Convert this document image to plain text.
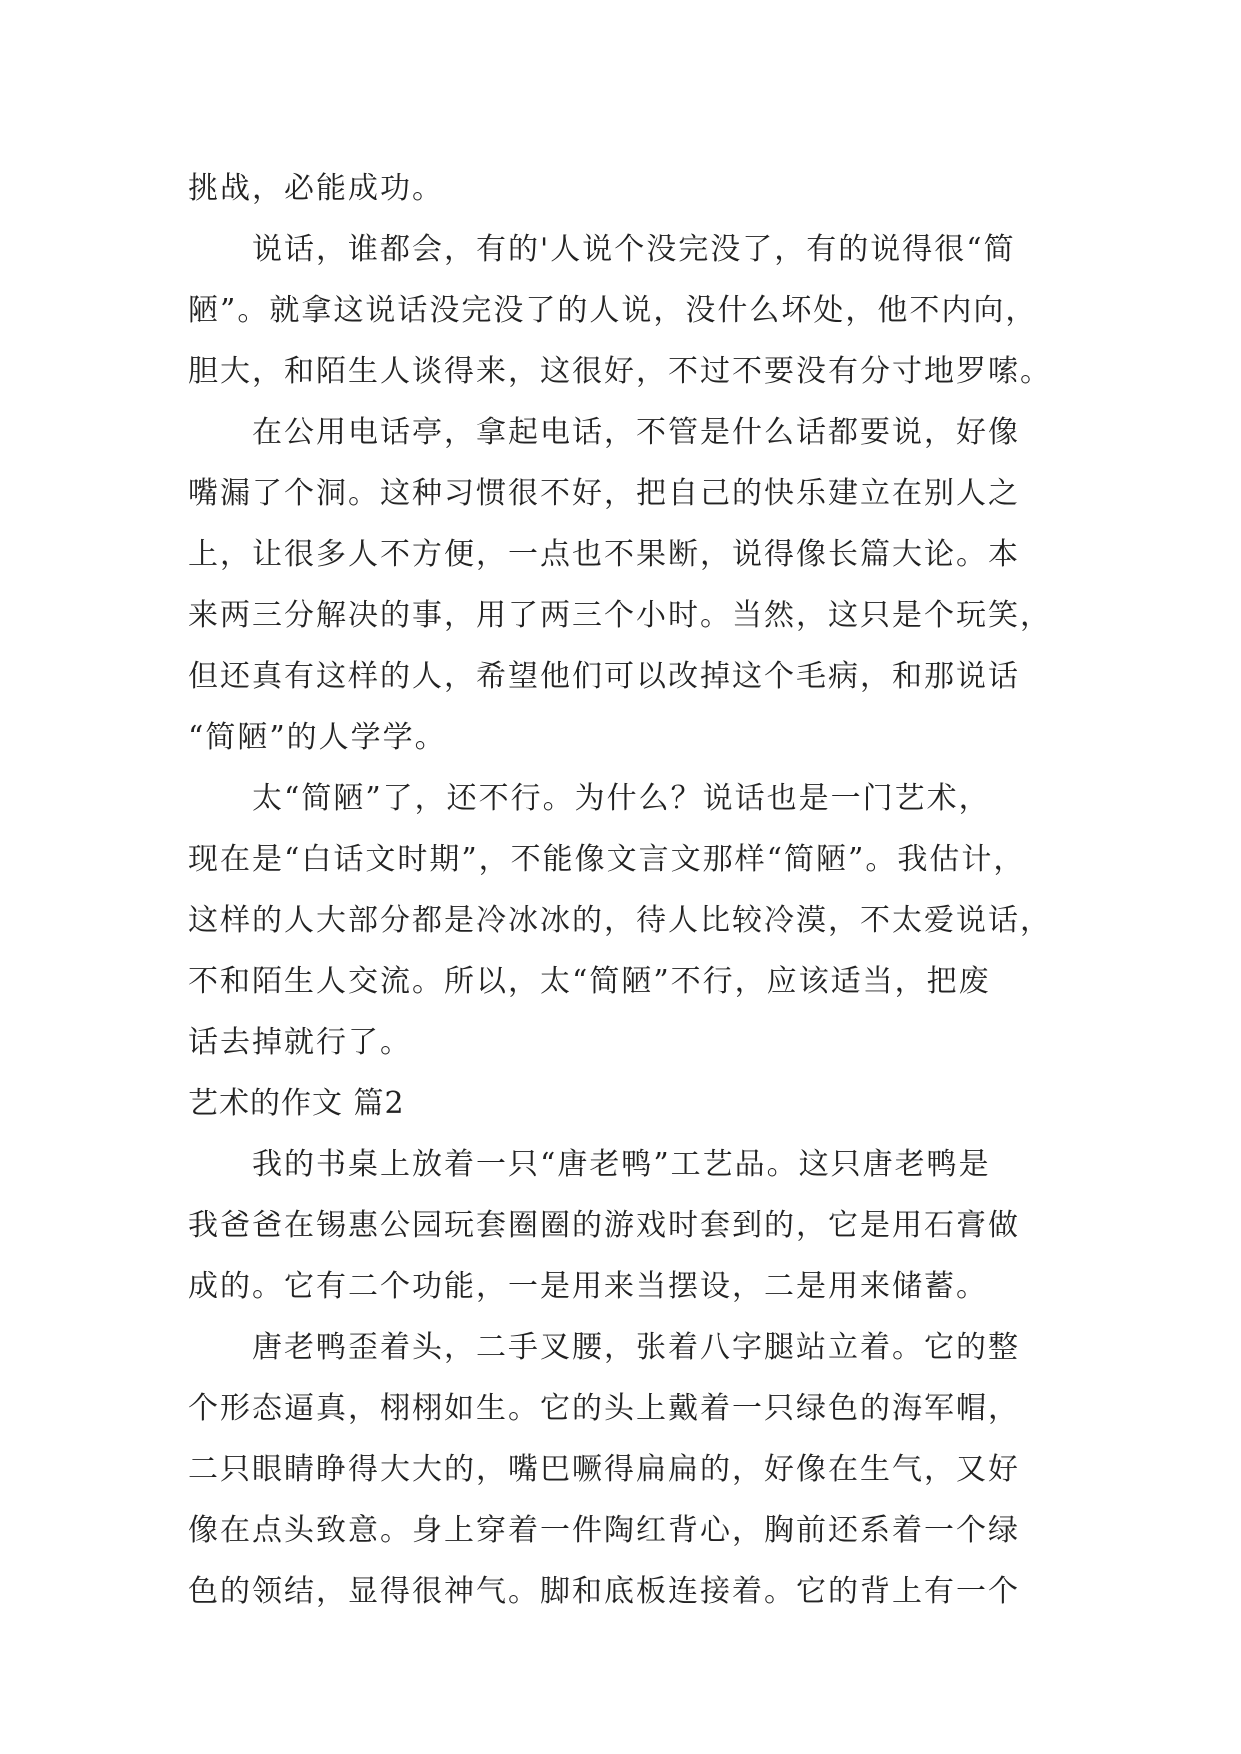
挑战，必能成功。
说话，谁都会，有的'人说个没完没了，有的说得很“简
陋”。就拿这说话没完没了的人说，没什么坏处，他不内向，
胆大，和陌生人谈得来，这很好，不过不要没有分寸地罗嗦。
在公用电话亭，拿起电话，不管是什么话都要说，好像
嘴漏了个洞。这种习惯很不好，把自己的快乐建立在别人之
上，让很多人不方便，一点也不果断，说得像长篇大论。本
来两三分解决的事，用了两三个小时。当然，这只是个玩笑，
但还真有这样的人，希望他们可以改掉这个毛病，和那说话
“简陋”的人学学。
太“简陋”了，还不行。为什么？说话也是一门艺术，
现在是“白话文时期”，不能像文言文那样“简陋”。我估计，
这样的人大部分都是冷冰冰的，待人比较冷漠，不太爱说话，
不和陌生人交流。所以，太“简陋”不行，应该适当，把废
话去掉就行了。
艺术的作文 篇2
我的书桌上放着一只“唐老鸭”工艺品。这只唐老鸭是
我爸爸在锡惠公园玩套圈圈的游戏时套到的，它是用石膏做
成的。它有二个功能，一是用来当摆设，二是用来储蓄。
唐老鸭歪着头，二手叉腰，张着八字腿站立着。它的整
个形态逼真，栩栩如生。它的头上戴着一只绿色的海军帽，
二只眼睛睁得大大的，嘴巴噘得扁扁的，好像在生气，又好
像在点头致意。身上穿着一件陶红背心，胸前还系着一个绿
色的领结，显得很神气。脚和底板连接着。它的背上有一个
